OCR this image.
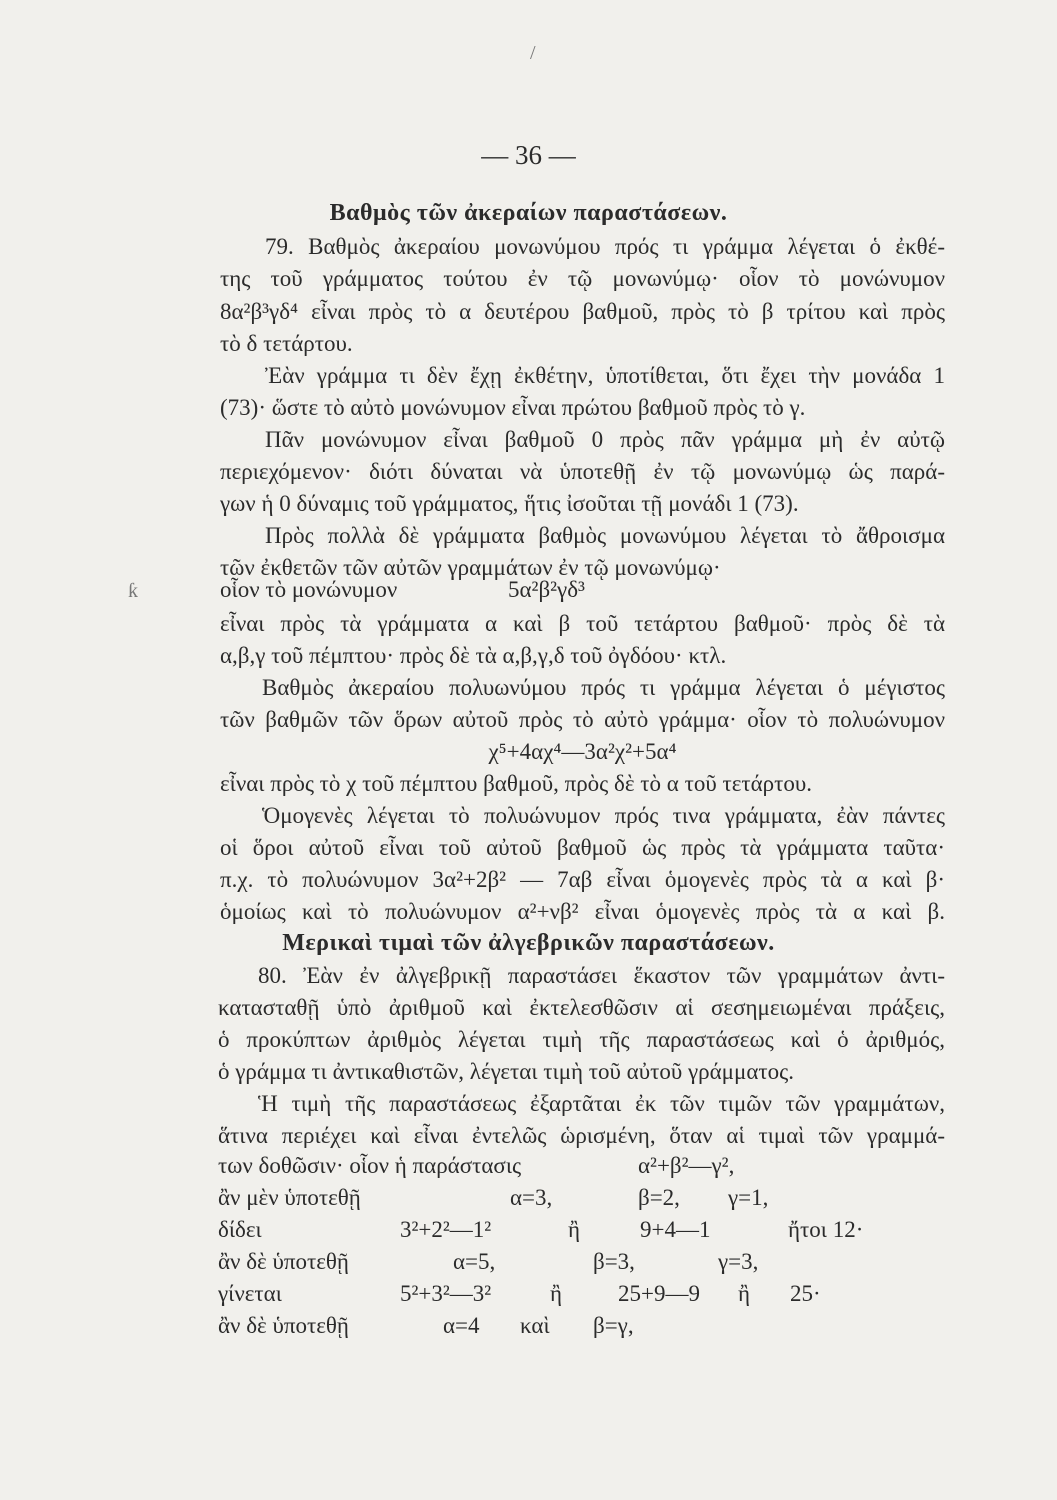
/
— 36 —
Βαθμὸς τῶν ἀκεραίων παραστάσεων.
79. Βαθμὸς ἀκεραίου μονωνύμου πρός τι γράμμα λέγεται ὁ ἐκθέ-
της τοῦ γράμματος τούτου ἐν τῷ μονωνύμῳ· οἷον τὸ μονώνυμον
8α²β³γδ⁴ εἶναι πρὸς τὸ α δευτέρου βαθμοῦ, πρὸς τὸ β τρίτου καὶ πρὸς
τὸ δ τετάρτου.
Ἐὰν γράμμα τι δὲν ἔχῃ ἐκθέτην, ὑποτίθεται, ὅτι ἔχει τὴν μονάδα 1
(73)· ὥστε τὸ αὐτὸ μονώνυμον εἶναι πρώτου βαθμοῦ πρὸς τὸ γ.
Πᾶν μονώνυμον εἶναι βαθμοῦ 0 πρὸς πᾶν γράμμα μὴ ἐν αὐτῷ
περιεχόμενον· διότι δύναται νὰ ὑποτεθῇ ἐν τῷ μονωνύμῳ ὡς παρά-
γων ἡ 0 δύναμις τοῦ γράμματος, ἥτις ἰσοῦται τῇ μονάδι 1 (73).
Πρὸς πολλὰ δὲ γράμματα βαθμὸς μονωνύμου λέγεται τὸ ἄθροισμα
τῶν ἐκθετῶν τῶν αὐτῶν γραμμάτων ἐν τῷ μονωνύμῳ·
ƙ	οἷον τὸ μονώνυμον	5α²β²γδ³
εἶναι πρὸς τὰ γράμματα α καὶ β τοῦ τετάρτου βαθμοῦ· πρὸς δὲ τὰ
α,β,γ τοῦ πέμπτου· πρὸς δὲ τὰ α,β,γ,δ τοῦ ὀγδόου· κτλ.
Βαθμὸς ἀκεραίου πολυωνύμου πρός τι γράμμα λέγεται ὁ μέγιστος
τῶν βαθμῶν τῶν ὅρων αὐτοῦ πρὸς τὸ αὐτὸ γράμμα· οἷον τὸ πολυώνυμον
χ⁵+4αχ⁴—3α²χ²+5α⁴
εἶναι πρὸς τὸ χ τοῦ πέμπτου βαθμοῦ, πρὸς δὲ τὸ α τοῦ τετάρτου.
Ὁμογενὲς λέγεται τὸ πολυώνυμον πρός τινα γράμματα, ἐὰν πάντες
οἱ ὅροι αὐτοῦ εἶναι τοῦ αὐτοῦ βαθμοῦ ὡς πρὸς τὰ γράμματα ταῦτα·
π.χ. τὸ πολυώνυμον 3α²+2β² — 7αβ εἶναι ὁμογενὲς πρὸς τὰ α καὶ β·
ὁμοίως καὶ τὸ πολυώνυμον α²+νβ² εἶναι ὁμογενὲς πρὸς τὰ α καὶ β.
Μερικαὶ τιμαὶ τῶν ἀλγεβρικῶν παραστάσεων.
80. Ἐὰν ἐν ἀλγεβρικῇ παραστάσει ἕκαστον τῶν γραμμάτων ἀντι-
κατασταθῇ ὑπὸ ἀριθμοῦ καὶ ἐκτελεσθῶσιν αἱ σεσημειωμέναι πράξεις,
ὁ προκύπτων ἀριθμὸς λέγεται τιμὴ τῆς παραστάσεως καὶ ὁ ἀριθμός,
ὁ γράμμα τι ἀντικαθιστῶν, λέγεται τιμὴ τοῦ αὐτοῦ γράμματος.
Ἡ τιμὴ τῆς παραστάσεως ἐξαρτᾶται ἐκ τῶν τιμῶν τῶν γραμμάτων,
ἅτινα περιέχει καὶ εἶναι ἐντελῶς ὡρισμένη, ὅταν αἱ τιμαὶ τῶν γραμμά-
των δοθῶσιν· οἷον ἡ παράστασις	α²+β²—γ²,
ἂν μὲν ὑποτεθῇ	α=3,	β=2, γ=1,
δίδει	3²+2²—1²	ἢ	9+4—1	ἤτοι 12·
ἂν δὲ ὑποτεθῇ	α=5,	β=3,	γ=3,
γίνεται	5²+3²—3²	ἢ 25+9—9 ἢ 25·
ἂν δὲ ὑποτεθῇ	α=4 καὶ β=γ,
